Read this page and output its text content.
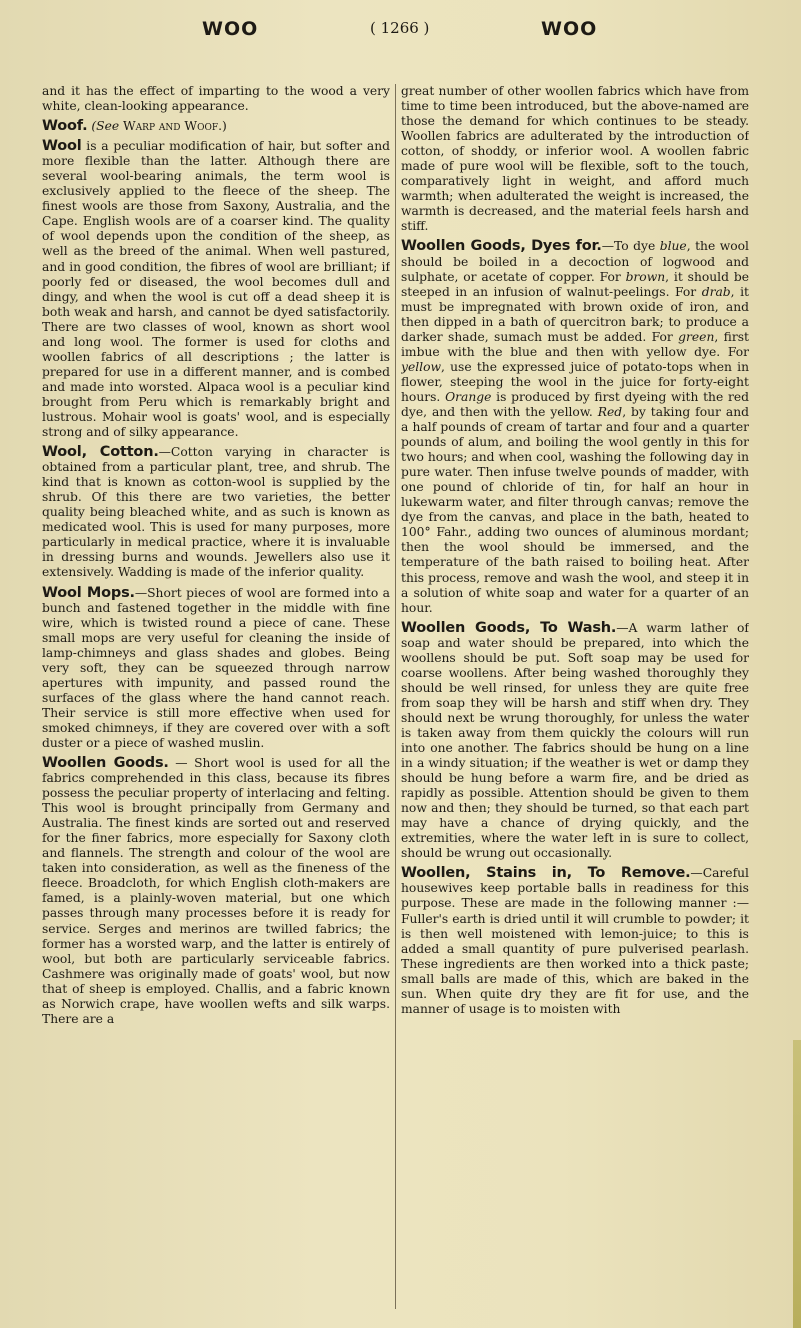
WOO	( 1266 )	WOO

and it has the effect of imparting to the wood a very white, clean-looking appearance.

Woof. (See Warp and Woof.)

Wool is a peculiar modification of hair, but softer and more flexible than the latter. Although there are several wool-bearing animals, the term wool is exclusively applied to the fleece of the sheep. The finest wools are those from Saxony, Australia, and the Cape. English wools are of a coarser kind. The quality of wool depends upon the condition of the sheep, as well as the breed of the animal. When well pastured, and in good condition, the fibres of wool are brilliant; if poorly fed or diseased, the wool becomes dull and dingy, and when the wool is cut off a dead sheep it is both weak and harsh, and cannot be dyed satisfactorily. There are two classes of wool, known as short wool and long wool. The former is used for cloths and woollen fabrics of all descriptions ; the latter is prepared for use in a different manner, and is combed and made into worsted. Alpaca wool is a peculiar kind brought from Peru which is remarkably bright and lustrous. Mohair wool is goats' wool, and is especially strong and of silky appearance.

Wool, Cotton.—Cotton varying in character is obtained from a particular plant, tree, and shrub. The kind that is known as cotton-wool is supplied by the shrub. Of this there are two varieties, the better quality being bleached white, and as such is known as medicated wool. This is used for many purposes, more particularly in medical practice, where it is invaluable in dressing burns and wounds. Jewellers also use it extensively. Wadding is made of the inferior quality.

Wool Mops.—Short pieces of wool are formed into a bunch and fastened together in the middle with fine wire, which is twisted round a piece of cane. These small mops are very useful for cleaning the inside of lamp-chimneys and glass shades and globes. Being very soft, they can be squeezed through narrow apertures with impunity, and passed round the surfaces of the glass where the hand cannot reach. Their service is still more effective when used for smoked chimneys, if they are covered over with a soft duster or a piece of washed muslin.

Woollen Goods. — Short wool is used for all the fabrics comprehended in this class, because its fibres possess the peculiar property of interlacing and felting. This wool is brought principally from Germany and Australia. The finest kinds are sorted out and reserved for the finer fabrics, more especially for Saxony cloth and flannels. The strength and colour of the wool are taken into consideration, as well as the fineness of the fleece. Broadcloth, for which English cloth-makers are famed, is a plainly-woven material, but one which passes through many processes before it is ready for service. Serges and merinos are twilled fabrics; the former has a worsted warp, and the latter is entirely of wool, but both are particularly serviceable fabrics. Cashmere was originally made of goats' wool, but now that of sheep is employed. Challis, and a fabric known as Norwich crape, have woollen wefts and silk warps. There are a

great number of other woollen fabrics which have from time to time been introduced, but the above-named are those the demand for which continues to be steady. Woollen fabrics are adulterated by the introduction of cotton, of shoddy, or inferior wool. A woollen fabric made of pure wool will be flexible, soft to the touch, comparatively light in weight, and afford much warmth; when adulterated the weight is increased, the warmth is decreased, and the material feels harsh and stiff.

Woollen Goods, Dyes for.—To dye blue, the wool should be boiled in a decoction of logwood and sulphate, or acetate of copper. For brown, it should be steeped in an infusion of walnut-peelings. For drab, it must be impregnated with brown oxide of iron, and then dipped in a bath of quercitron bark; to produce a darker shade, sumach must be added. For green, first imbue with the blue and then with yellow dye. For yellow, use the expressed juice of potato-tops when in flower, steeping the wool in the juice for forty-eight hours. Orange is produced by first dyeing with the red dye, and then with the yellow. Red, by taking four and a half pounds of cream of tartar and four and a quarter pounds of alum, and boiling the wool gently in this for two hours; and when cool, washing the following day in pure water. Then infuse twelve pounds of madder, with one pound of chloride of tin, for half an hour in lukewarm water, and filter through canvas; remove the dye from the canvas, and place in the bath, heated to 100° Fahr., adding two ounces of aluminous mordant; then the wool should be immersed, and the temperature of the bath raised to boiling heat. After this process, remove and wash the wool, and steep it in a solution of white soap and water for a quarter of an hour.

Woollen Goods, To Wash.—A warm lather of soap and water should be prepared, into which the woollens should be put. Soft soap may be used for coarse woollens. After being washed thoroughly they should be well rinsed, for unless they are quite free from soap they will be harsh and stiff when dry. They should next be wrung thoroughly, for unless the water is taken away from them quickly the colours will run into one another. The fabrics should be hung on a line in a windy situation; if the weather is wet or damp they should be hung before a warm fire, and be dried as rapidly as possible. Attention should be given to them now and then; they should be turned, so that each part may have a chance of drying quickly, and the extremities, where the water left in is sure to collect, should be wrung out occasionally.

Woollen, Stains in, To Remove.—Careful housewives keep portable balls in readiness for this purpose. These are made in the following manner :—Fuller's earth is dried until it will crumble to powder; it is then well moistened with lemon-juice; to this is added a small quantity of pure pulverised pearlash. These ingredients are then worked into a thick paste; small balls are made of this, which are baked in the sun. When quite dry they are fit for use, and the manner of usage is to moisten with
